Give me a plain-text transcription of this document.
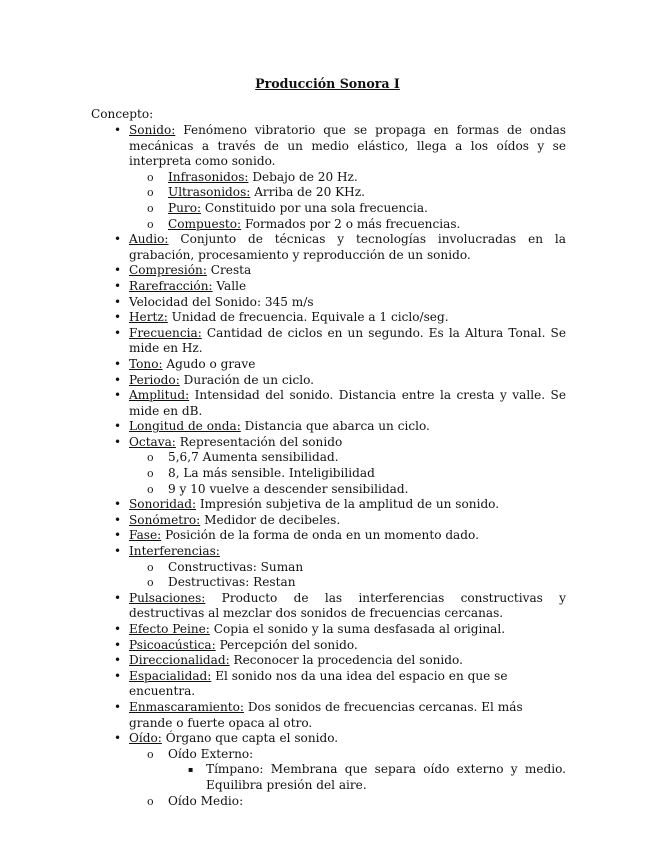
Producción Sonora I
Concepto:
• Sonido: Fenómeno vibratorio que se propaga en formas de ondas mecánicas a través de un medio elástico, llega a los oídos y se interpreta como sonido.
o Infrasonidos: Debajo de 20 Hz.
o Ultrasonidos: Arriba de 20 KHz.
o Puro: Constituido por una sola frecuencia.
o Compuesto: Formados por 2 o más frecuencias.
• Audio: Conjunto de técnicas y tecnologías involucradas en la grabación, procesamiento y reproducción de un sonido.
• Compresión: Cresta
• Rarefracción: Valle
• Velocidad del Sonido: 345 m/s
• Hertz: Unidad de frecuencia. Equivale a 1 ciclo/seg.
• Frecuencia: Cantidad de ciclos en un segundo. Es la Altura Tonal. Se mide en Hz.
• Tono: Agudo o grave
• Periodo: Duración de un ciclo.
• Amplitud: Intensidad del sonido. Distancia entre la cresta y valle. Se mide en dB.
• Longitud de onda: Distancia que abarca un ciclo.
• Octava: Representación del sonido
o 5,6,7 Aumenta sensibilidad.
o 8, La más sensible. Inteligibilidad
o 9 y 10 vuelve a descender sensibilidad.
• Sonoridad: Impresión subjetiva de la amplitud de un sonido.
• Sonómetro: Medidor de decibeles.
• Fase: Posición de la forma de onda en un momento dado.
• Interferencias:
o Constructivas: Suman
o Destructivas: Restan
• Pulsaciones: Producto de las interferencias constructivas y destructivas al mezclar dos sonidos de frecuencias cercanas.
• Efecto Peine: Copia el sonido y la suma desfasada al original.
• Psicoacústica: Percepción del sonido.
• Direccionalidad: Reconocer la procedencia del sonido.
• Espacialidad: El sonido nos da una idea del espacio en que se encuentra.
• Enmascaramiento: Dos sonidos de frecuencias cercanas. El más grande o fuerte opaca al otro.
• Oído: Órgano que capta el sonido.
o Oído Externo:
▪ Tímpano: Membrana que separa oído externo y medio. Equilibra presión del aire.
o Oído Medio:
